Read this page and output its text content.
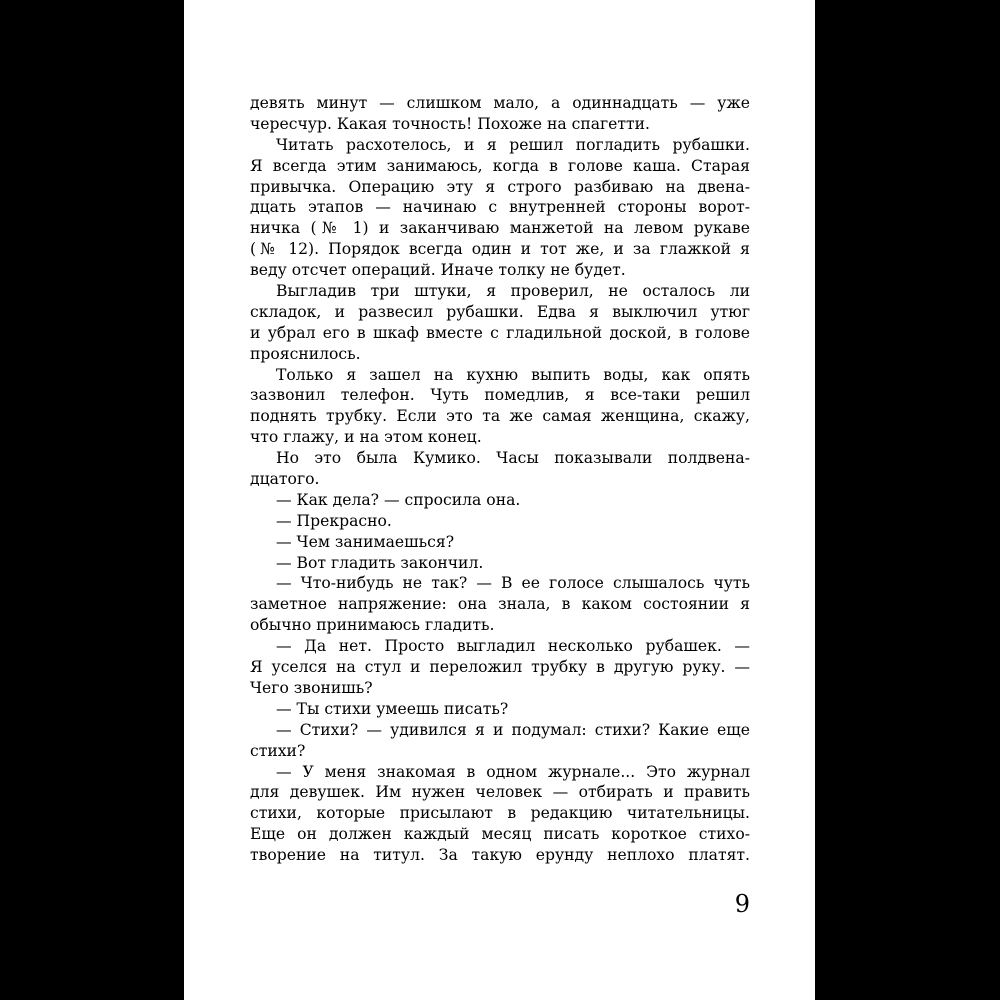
девять минут — слишком мало, а одиннадцать — уже
чересчур. Какая точность! Похоже на спагетти.
Читать расхотелось, и я решил погладить рубашки.
Я всегда этим занимаюсь, когда в голове каша. Старая
привычка. Операцию эту я строго разбиваю на двена-
дцать этапов — начинаю с внутренней стороны ворот-
ничка (№ 1) и заканчиваю манжетой на левом рукаве
(№ 12). Порядок всегда один и тот же, и за глажкой я
веду отсчет операций. Иначе толку не будет.
Выгладив три штуки, я проверил, не осталось ли
складок, и развесил рубашки. Едва я выключил утюг
и убрал его в шкаф вместе с гладильной доской, в голове
прояснилось.
Только я зашел на кухню выпить воды, как опять
зазвонил телефон. Чуть помедлив, я все-таки решил
поднять трубку. Если это та же самая женщина, скажу,
что глажу, и на этом конец.
Но это была Кумико. Часы показывали полдвена-
дцатого.
— Как дела? — спросила она.
— Прекрасно.
— Чем занимаешься?
— Вот гладить закончил.
— Что-нибудь не так? — В ее голосе слышалось чуть
заметное напряжение: она знала, в каком состоянии я
обычно принимаюсь гладить.
— Да нет. Просто выгладил несколько рубашек. —
Я уселся на стул и переложил трубку в другую руку. —
Чего звонишь?
— Ты стихи умеешь писать?
— Стихи? — удивился я и подумал: стихи? Какие еще
стихи?
— У меня знакомая в одном журнале... Это журнал
для девушек. Им нужен человек — отбирать и править
стихи, которые присылают в редакцию читательницы.
Еще он должен каждый месяц писать короткое стихо-
творение на титул. За такую ерунду неплохо платят.
9
